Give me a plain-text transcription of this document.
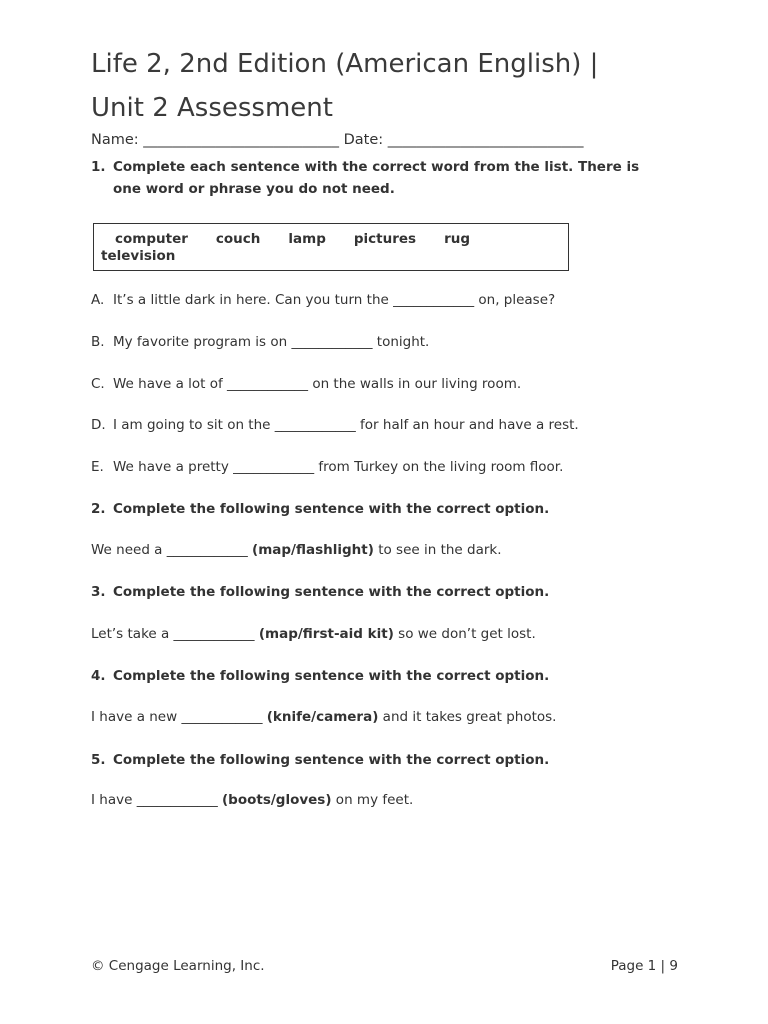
Life 2, 2nd Edition (American English) |
Unit 2 Assessment
Name: ___________________________ Date: ___________________________
1. Complete each sentence with the correct word from the list. There is one word or phrase you do not need.
computer couch lamp pictures rug
television
A. It’s a little dark in here. Can you turn the ____________ on, please?
B. My favorite program is on ____________ tonight.
C. We have a lot of ____________ on the walls in our living room.
D. I am going to sit on the ____________ for half an hour and have a rest.
E. We have a pretty ____________ from Turkey on the living room floor.
2. Complete the following sentence with the correct option.
We need a ____________ (map/flashlight) to see in the dark.
3. Complete the following sentence with the correct option.
Let’s take a ____________ (map/first-aid kit) so we don’t get lost.
4. Complete the following sentence with the correct option.
I have a new ____________ (knife/camera) and it takes great photos.
5. Complete the following sentence with the correct option.
I have ____________ (boots/gloves) on my feet.
© Cengage Learning, Inc.	Page 1 | 9
